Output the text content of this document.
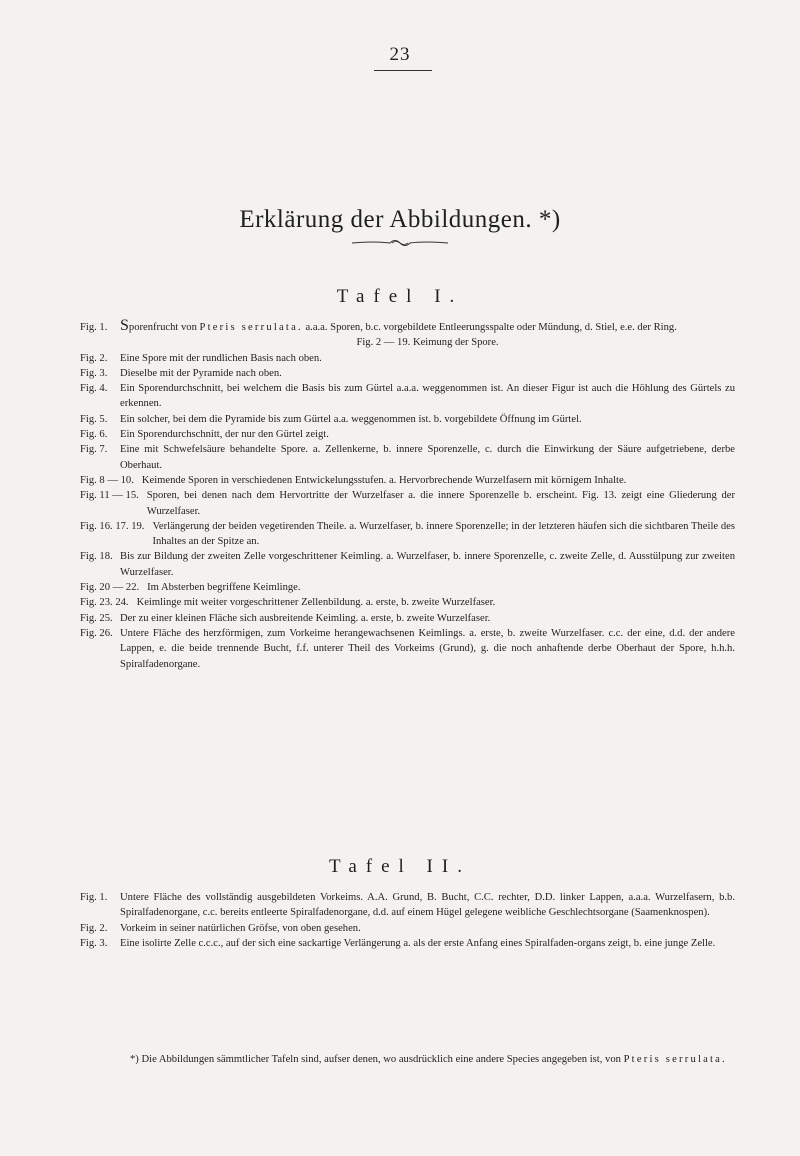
23
Erklärung der Abbildungen. *)
Tafel I.
Fig. 1. Sporenfrucht von Pteris serrulata. a.a.a. Sporen, b.c. vorgebildete Entleerungsspalte oder Mündung, d. Stiel, e.e. der Ring.
Fig. 2 — 19. Keimung der Spore.
Fig. 2.	Eine Spore mit der rundlichen Basis nach oben.
Fig. 3.	Dieselbe mit der Pyramide nach oben.
Fig. 4.	Ein Sporendurchschnitt, bei welchem die Basis bis zum Gürtel a.a.a. weggenommen ist. An dieser Figur ist auch die Höhlung des Gürtels zu erkennen.
Fig. 5.	Ein solcher, bei dem die Pyramide bis zum Gürtel a.a. weggenommen ist. b. vorgebildete Öffnung im Gürtel.
Fig. 6.	Ein Sporendurchschnitt, der nur den Gürtel zeigt.
Fig. 7.	Eine mit Schwefelsäure behandelte Spore. a. Zellenkerne, b. innere Sporenzelle, c. durch die Einwirkung der Säure aufgetriebene, derbe Oberhaut.
Fig. 8 — 10. Keimende Sporen in verschiedenen Entwickelungsstufen. a. Hervorbrechende Wurzelfasern mit körnigem Inhalte.
Fig. 11 — 15. Sporen, bei denen nach dem Hervortritte der Wurzelfaser a. die innere Sporenzelle b. erscheint. Fig. 13. zeigt eine Gliederung der Wurzelfaser.
Fig. 16. 17. 19. Verlängerung der beiden vegetirenden Theile. a. Wurzelfaser, b. innere Sporenzelle; in der letzteren häufen sich die sichtbaren Theile des Inhaltes an der Spitze an.
Fig. 18. Bis zur Bildung der zweiten Zelle vorgeschrittener Keimling. a. Wurzelfaser, b. innere Sporenzelle, c. zweite Zelle, d. Ausstülpung zur zweiten Wurzelfaser.
Fig. 20 — 22. Im Absterben begriffene Keimlinge.
Fig. 23. 24. Keimlinge mit weiter vorgeschrittener Zellenbildung. a. erste, b. zweite Wurzelfaser.
Fig. 25. Der zu einer kleinen Fläche sich ausbreitende Keimling. a. erste, b. zweite Wurzelfaser.
Fig. 26. Untere Fläche des herzförmigen, zum Vorkeime herangewachsenen Keimlings. a. erste, b. zweite Wurzelfaser. c.c. der eine, d.d. der andere Lappen, e. die beide trennende Bucht, f.f. unterer Theil des Vorkeims (Grund), g. die noch anhaftende derbe Oberhaut der Spore, h.h.h. Spiralfadenorgane.
Tafel II.
Fig. 1.	Untere Fläche des vollständig ausgebildeten Vorkeims. A.A. Grund, B. Bucht, C.C. rechter, D.D. linker Lappen, a.a.a. Wurzelfasern, b.b. Spiralfadenorgane, c.c. bereits entleerte Spiralfadenorgane, d.d. auf einem Hügel gelegene weibliche Geschlechtsorgane (Saamenknospen).
Fig. 2.	Vorkeim in seiner natürlichen Gröfse, von oben gesehen.
Fig. 3.	Eine isolirte Zelle c.c.c., auf der sich eine sackartige Verlängerung a. als der erste Anfang eines Spiralfaden-organs zeigt, b. eine junge Zelle.
*) Die Abbildungen sämmtlicher Tafeln sind, aufser denen, wo ausdrücklich eine andere Species angegeben ist, von Pteris serrulata.
